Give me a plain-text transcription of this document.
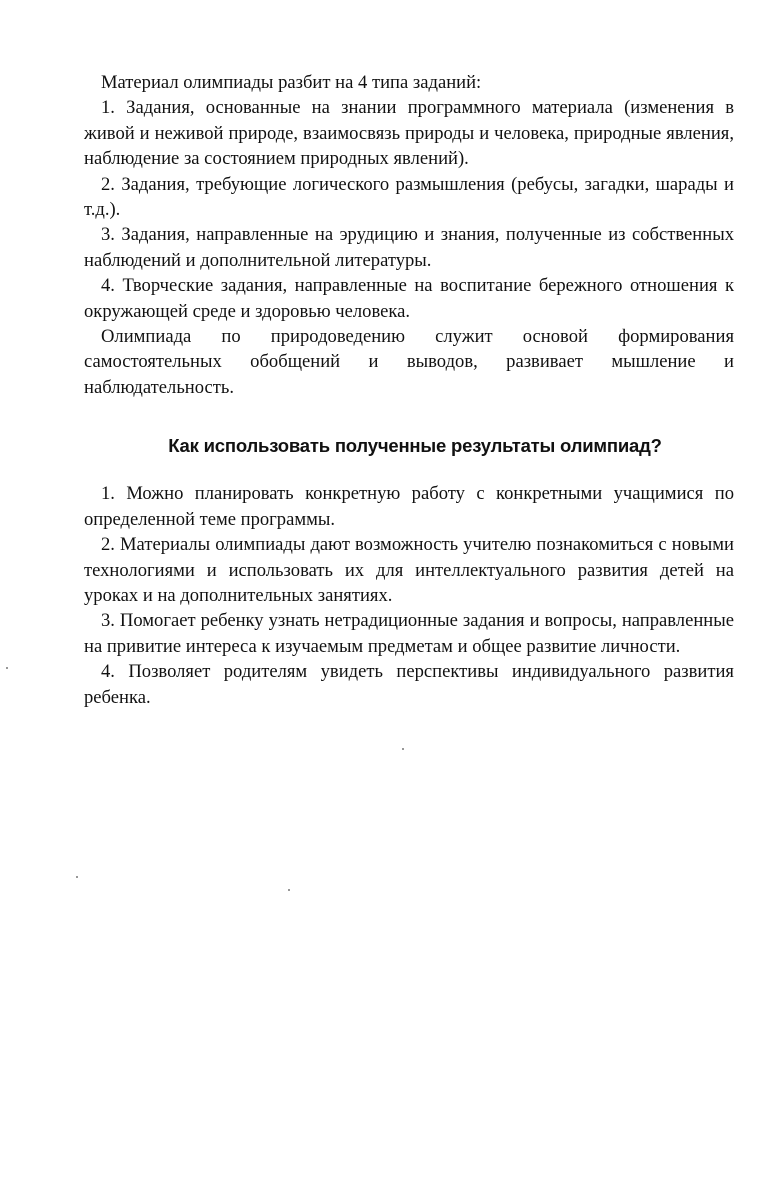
Материал олимпиады разбит на 4 типа заданий:

1. Задания, основанные на знании программного материала (изменения в живой и неживой природе, взаимосвязь природы и человека, природные явления, наблюдение за состоянием природных явлений).

2. Задания, требующие логического размышления (ребусы, загадки, шарады и т.д.).

3. Задания, направленные на эрудицию и знания, полученные из собственных наблюдений и дополнительной литературы.

4. Творческие задания, направленные на воспитание бережного отношения к окружающей среде и здоровью человека.

Олимпиада по природоведению служит основой формирования самостоятельных обобщений и выводов, развивает мышление и наблюдательность.

Как использовать полученные результаты олимпиад?

1. Можно планировать конкретную работу с конкретными учащимися по определенной теме программы.

2. Материалы олимпиады дают возможность учителю познакомиться с новыми технологиями и использовать их для интеллектуального развития детей на уроках и на дополнительных занятиях.

3. Помогает ребенку узнать нетрадиционные задания и вопросы, направленные на привитие интереса к изучаемым предметам и общее развитие личности.

4. Позволяет родителям увидеть перспективы индивидуального развития ребенка.
